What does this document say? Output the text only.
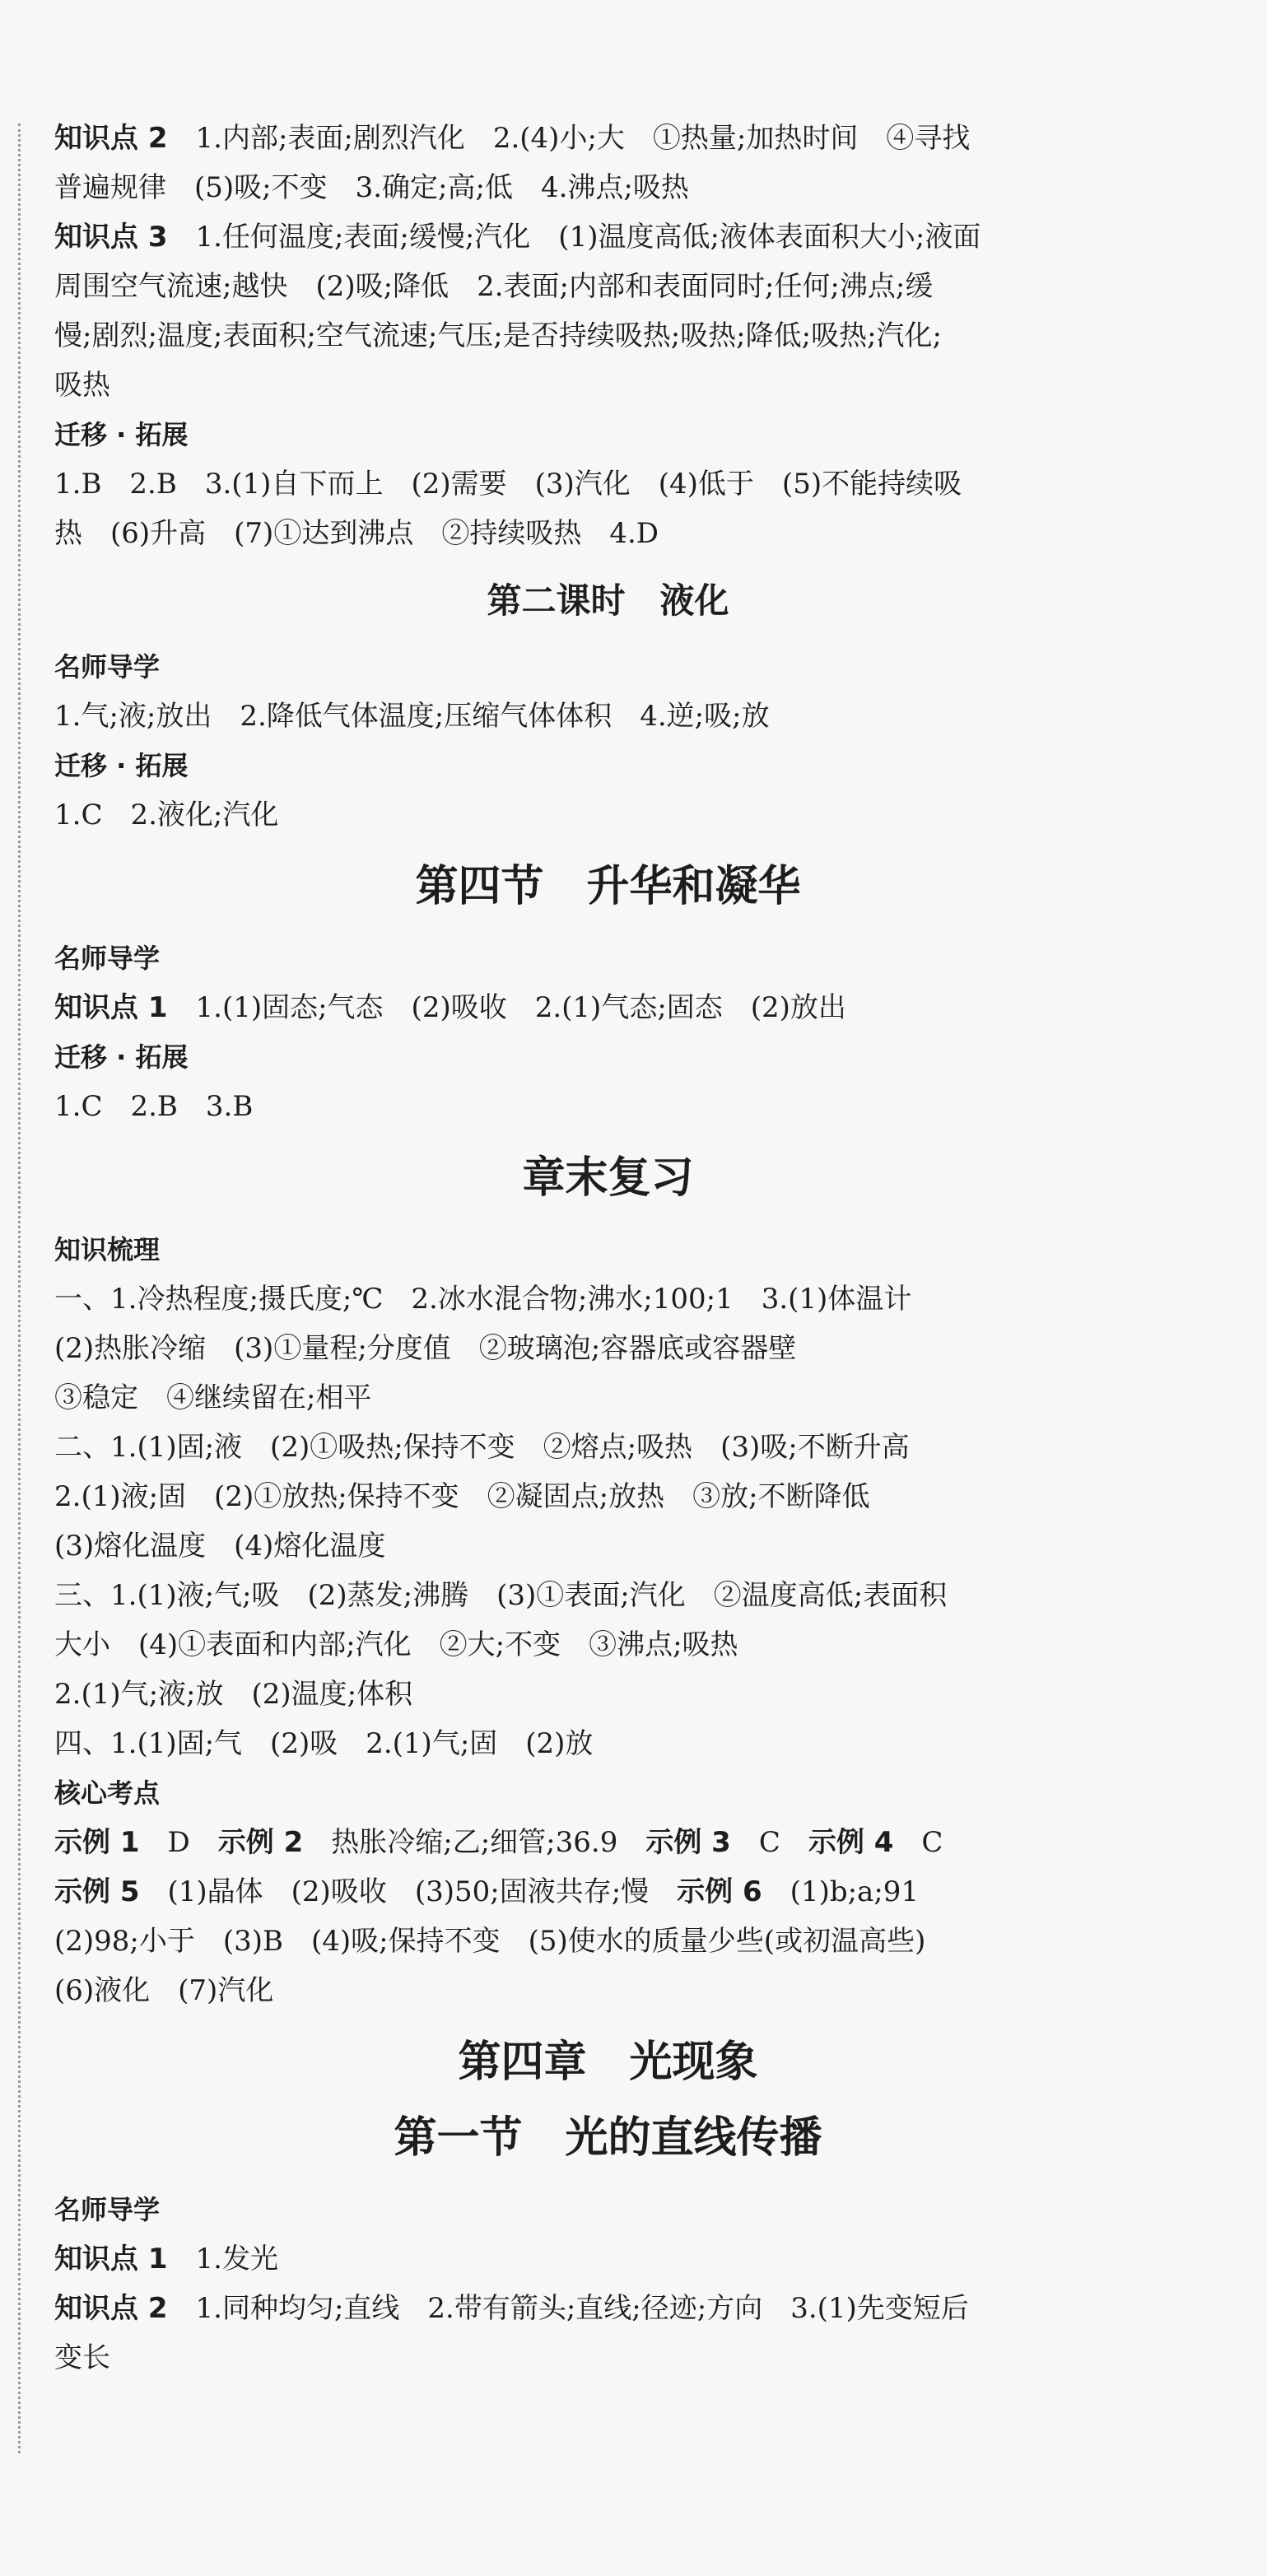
知识点 2　 1.内部;表面;剧烈汽化　2.(4)小;大　①热量;加热时间　④寻找
普遍规律　(5)吸;不变　3.确定;高;低　4.沸点;吸热
知识点 3　 1.任何温度;表面;缓慢;汽化　(1)温度高低;液体表面积大小;液面
周围空气流速;越快　(2)吸;降低　2.表面;内部和表面同时;任何;沸点;缓
慢;剧烈;温度;表面积;空气流速;气压;是否持续吸热;吸热;降低;吸热;汽化;
吸热
迁移 · 拓展
1.B　2.B　3.(1)自下而上　(2)需要　(3)汽化　(4)低于　(5)不能持续吸
热　(6)升高　(7)①达到沸点　②持续吸热　4.D
第二课时　液化
名师导学
1.气;液;放出　2.降低气体温度;压缩气体体积　4.逆;吸;放
迁移 · 拓展
1.C　2.液化;汽化
第四节　升华和凝华
名师导学
知识点 1　 1.(1)固态;气态　(2)吸收　2.(1)气态;固态　(2)放出
迁移 · 拓展
1.C　2.B　3.B
章末复习
知识梳理
一、1.冷热程度;摄氏度;℃　2.冰水混合物;沸水;100;1　3.(1)体温计
(2)热胀冷缩　(3)①量程;分度值　②玻璃泡;容器底或容器壁
③稳定　④继续留在;相平
二、1.(1)固;液　(2)①吸热;保持不变　②熔点;吸热　(3)吸;不断升高
2.(1)液;固　(2)①放热;保持不变　②凝固点;放热　③放;不断降低
(3)熔化温度　(4)熔化温度
三、1.(1)液;气;吸　(2)蒸发;沸腾　(3)①表面;汽化　②温度高低;表面积
大小　(4)①表面和内部;汽化　②大;不变　③沸点;吸热
2.(1)气;液;放　(2)温度;体积
四、1.(1)固;气　(2)吸　2.(1)气;固　(2)放
核心考点
示例 1　 D　示例 2　 热胀冷缩;乙;细管;36.9　示例 3　 C　示例 4　 C
示例 5　 (1)晶体　(2)吸收　(3)50;固液共存;慢　示例 6　 (1)b;a;91
(2)98;小于　(3)B　(4)吸;保持不变　(5)使水的质量少些(或初温高些)
(6)液化　(7)汽化
第四章　光现象
第一节　光的直线传播
名师导学
知识点 1　 1.发光
知识点 2　 1.同种均匀;直线　2.带有箭头;直线;径迹;方向　3.(1)先变短后
变长
